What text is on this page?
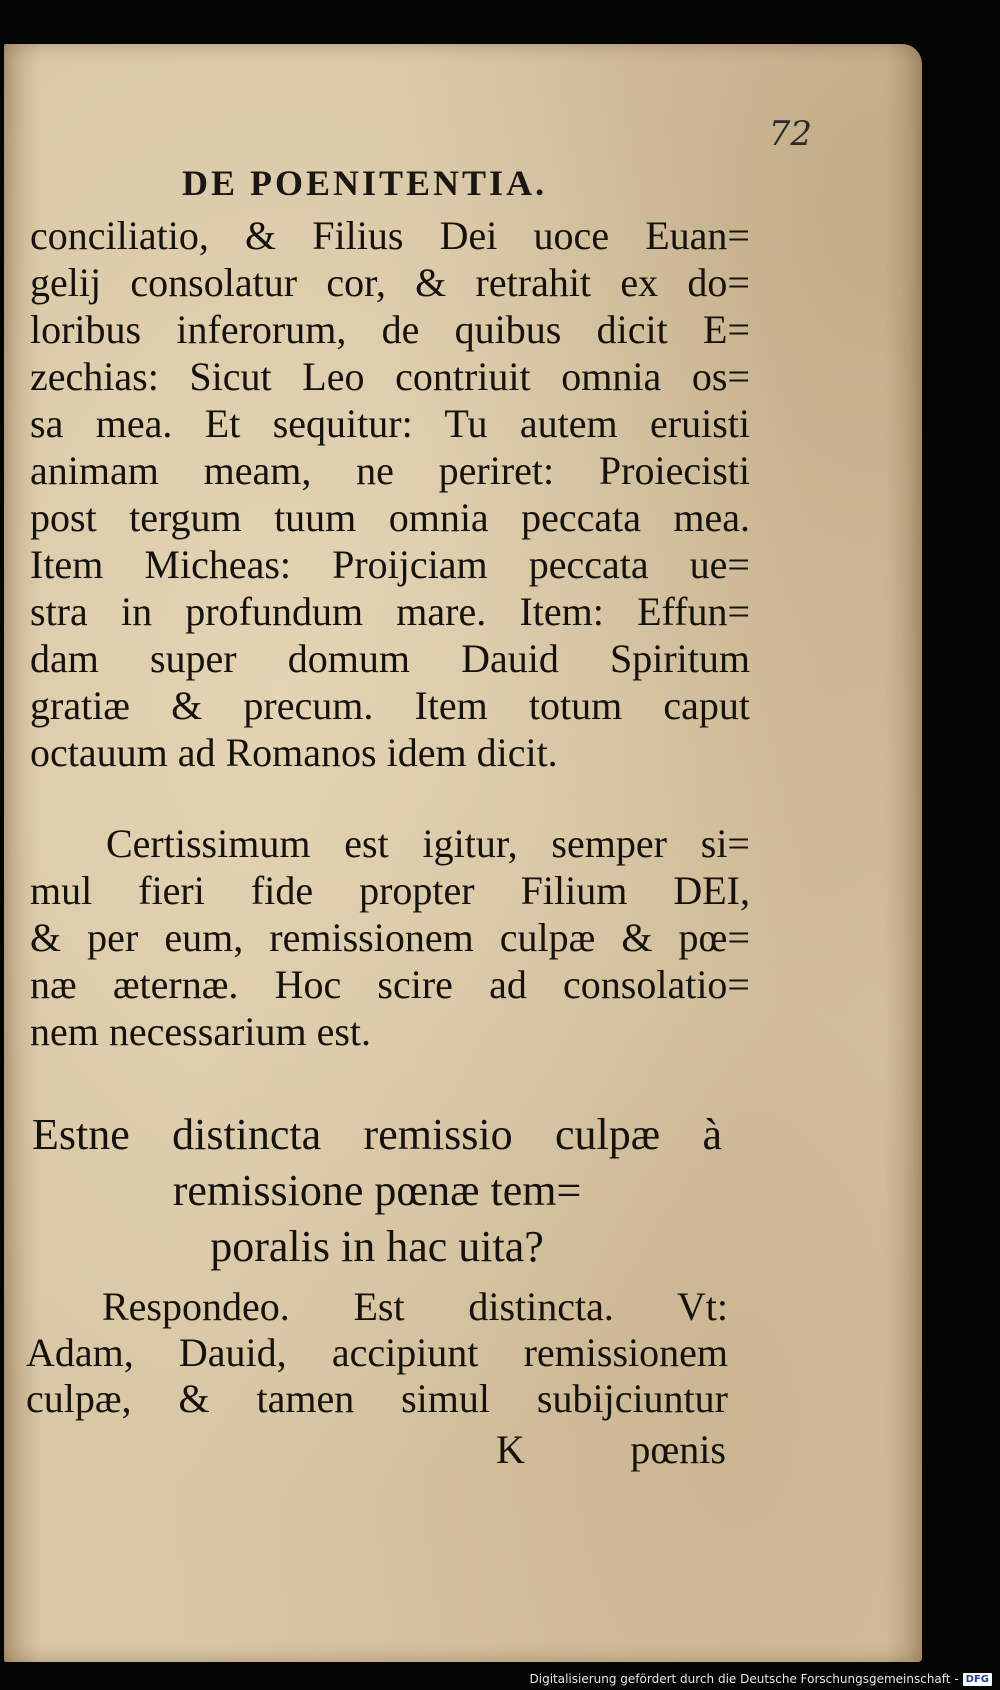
72
DE POENITENTIA.
conciliatio, & Filius Dei uoce Euan=
gelij consolatur cor, & retrahit ex do=
loribus inferorum, de quibus dicit E=
zechias: Sicut Leo contriuit omnia os=
sa mea. Et sequitur: Tu autem eruisti
animam meam, ne periret: Proiecisti
post tergum tuum omnia peccata mea.
Item Micheas: Proijciam peccata ue=
stra in profundum mare. Item: Effun=
dam super domum Dauid Spiritum
gratiæ & precum. Item totum caput
octauum ad Romanos idem dicit.
Certissimum est igitur, semper si=
mul fieri fide propter Filium DEI,
& per eum, remissionem culpæ & pœ=
næ æternæ. Hoc scire ad consolatio=
nem necessarium est.
Estne distincta remissio culpæ à
remissione pœnæ tem=
poralis in hac uita?
Respondeo. Est distincta. Vt:
Adam, Dauid, accipiunt remissionem
culpæ, & tamen simul subijciuntur
K	pœnis
Digitalisierung gefördert durch die Deutsche Forschungsgemeinschaft - DFG
